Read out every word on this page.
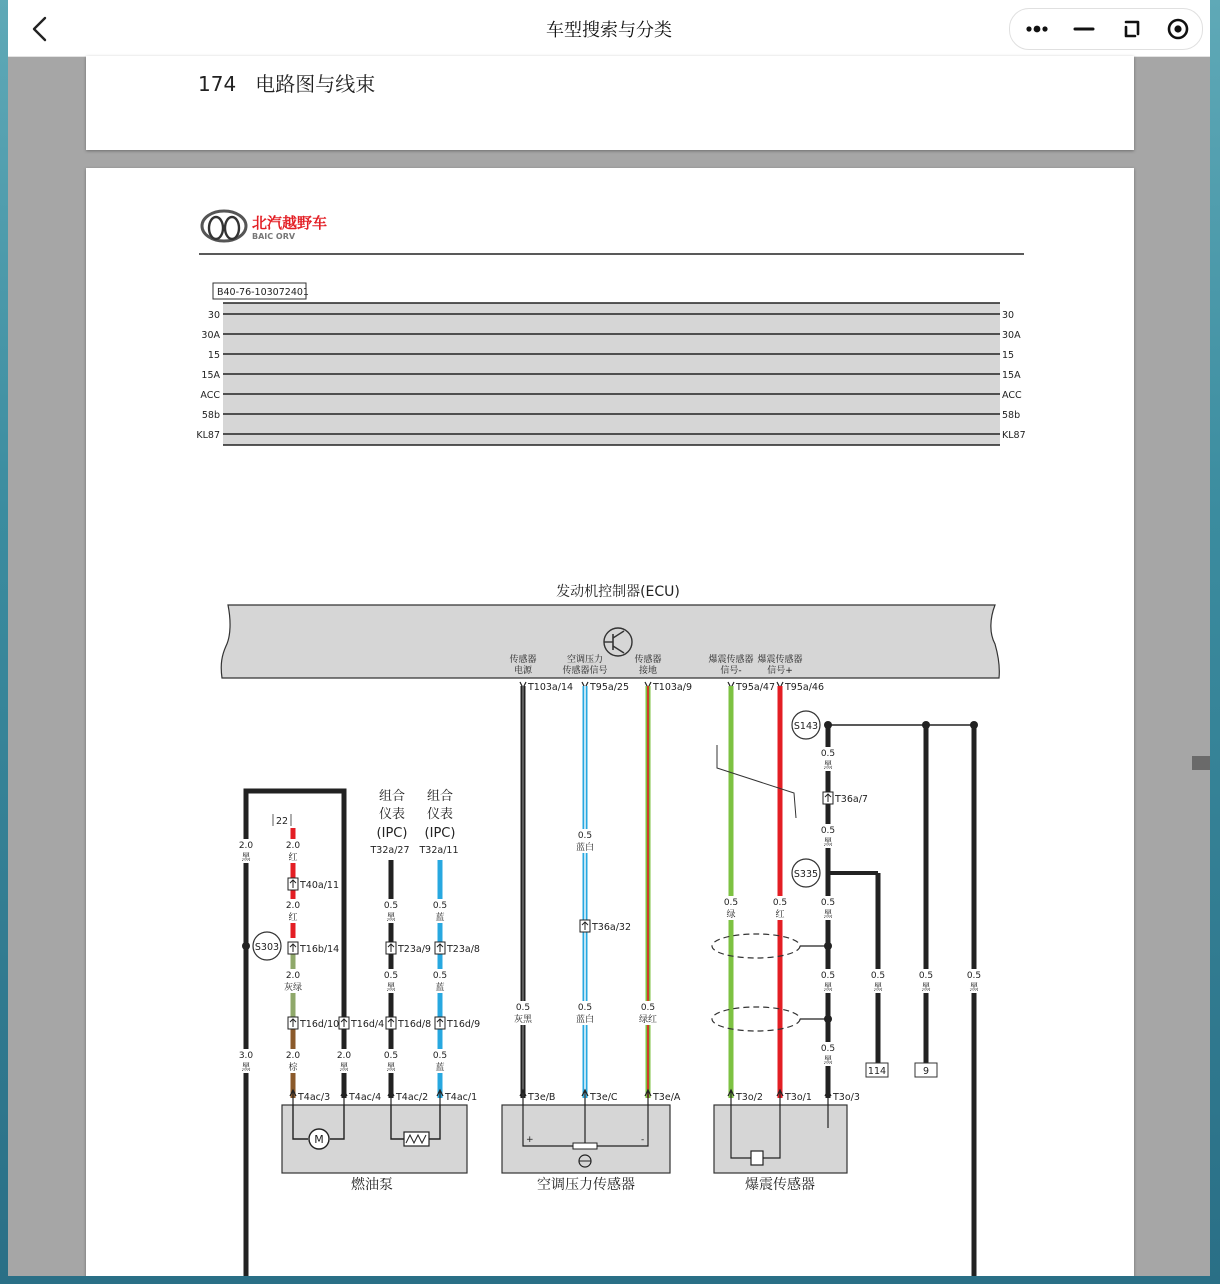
车型搜索与分类
174 电路图与线束
北汽越野车
BAIC ORV
B40-76-103072401
30	30
30A	30A
15	15
15A	15A
ACC	ACC
58b	58b
KL87	KL87
发动机控制器(ECU)
传感器
电源
T103a/14
空调压力
传感器信号
T95a/25
传感器
接地
T103a/9
爆震传感器
信号-
T95a/47
爆震传感器
信号+
T95a/46
S143
S335
114	9
S303
22
组合
仪表
(IPC)
T32a/27
组合
仪表
(IPC)
T32a/11
M	+	-
燃油泵	空调压力传感器	爆震传感器
2.0
黑
3.0
黑
2.0
红
2.0
红
2.0
灰绿
2.0
棕
2.0
黑
0.5
黑
0.5
黑
0.5
黑
0.5
蓝
0.5
蓝
0.5
蓝
0.5
灰黑
0.5
蓝白
0.5
蓝白
0.5
绿红
0.5
绿
0.5
红
0.5
黑
0.5
黑
0.5
黑
0.5
黑
0.5
黑
0.5
黑
0.5
黑
0.5
黑
T40a/11
T16b/14
T16d/10 T16d/4
T23a/9 T23a/8
T16d/8 T16d/9
T36a/32
T36a/7
T4ac/3 T4ac/4 T4ac/2 T4ac/1	T3e/B	T3e/C	T3e/A	T3o/2 T3o/1 T3o/3
